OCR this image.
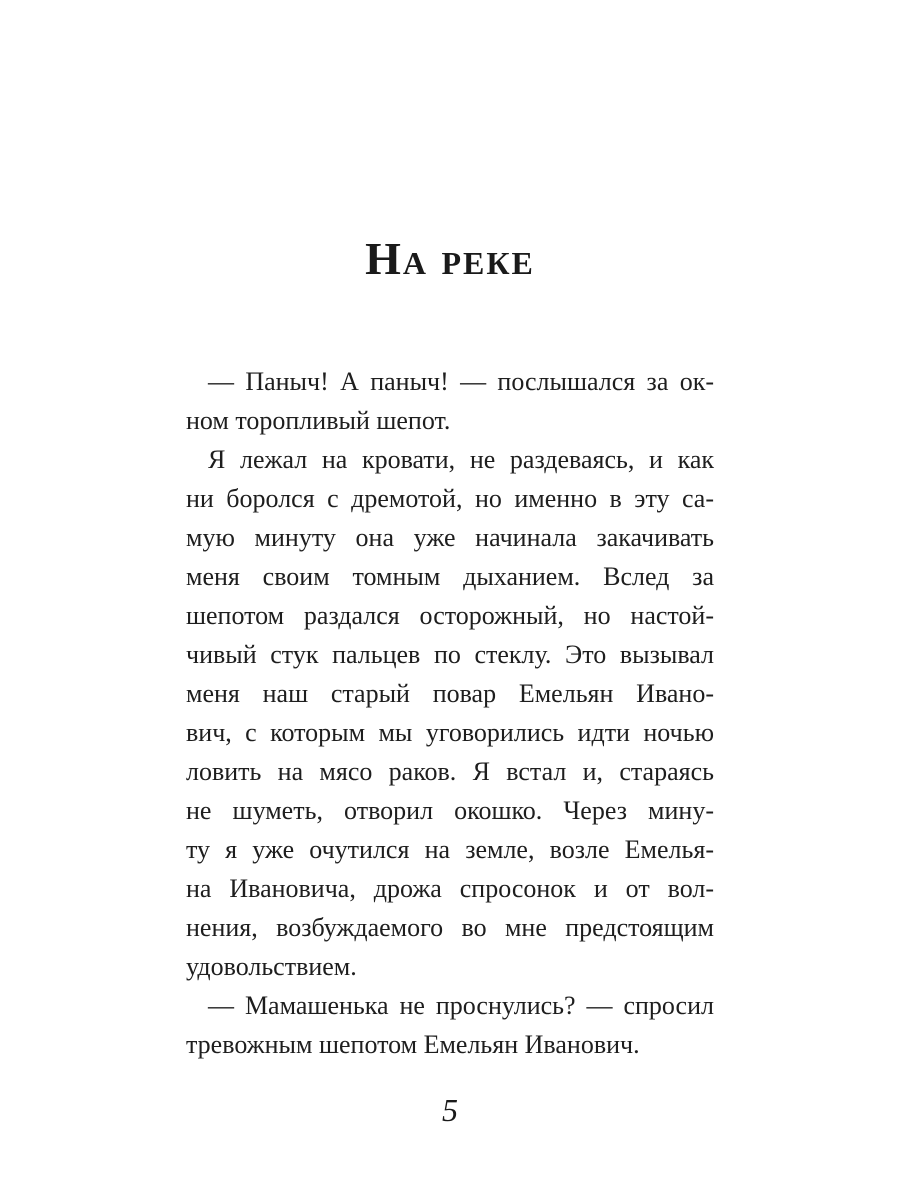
На реке
— Паныч! А паныч! — послышался за ок-
ном торопливый шепот.
Я лежал на кровати, не раздеваясь, и как
ни боролся с дремотой, но именно в эту са-
мую минуту она уже начинала закачивать
меня своим томным дыханием. Вслед за
шепотом раздался осторожный, но настой-
чивый стук пальцев по стеклу. Это вызывал
меня наш старый повар Емельян Ивано-
вич, с которым мы уговорились идти ночью
ловить на мясо раков. Я встал и, стараясь
не шуметь, отворил окошко. Через мину-
ту я уже очутился на земле, возле Емелья-
на Ивановича, дрожа спросонок и от вол-
нения, возбуждаемого во мне предстоящим
удовольствием.
— Мамашенька не проснулись? — спросил
тревожным шепотом Емельян Иванович.
5
